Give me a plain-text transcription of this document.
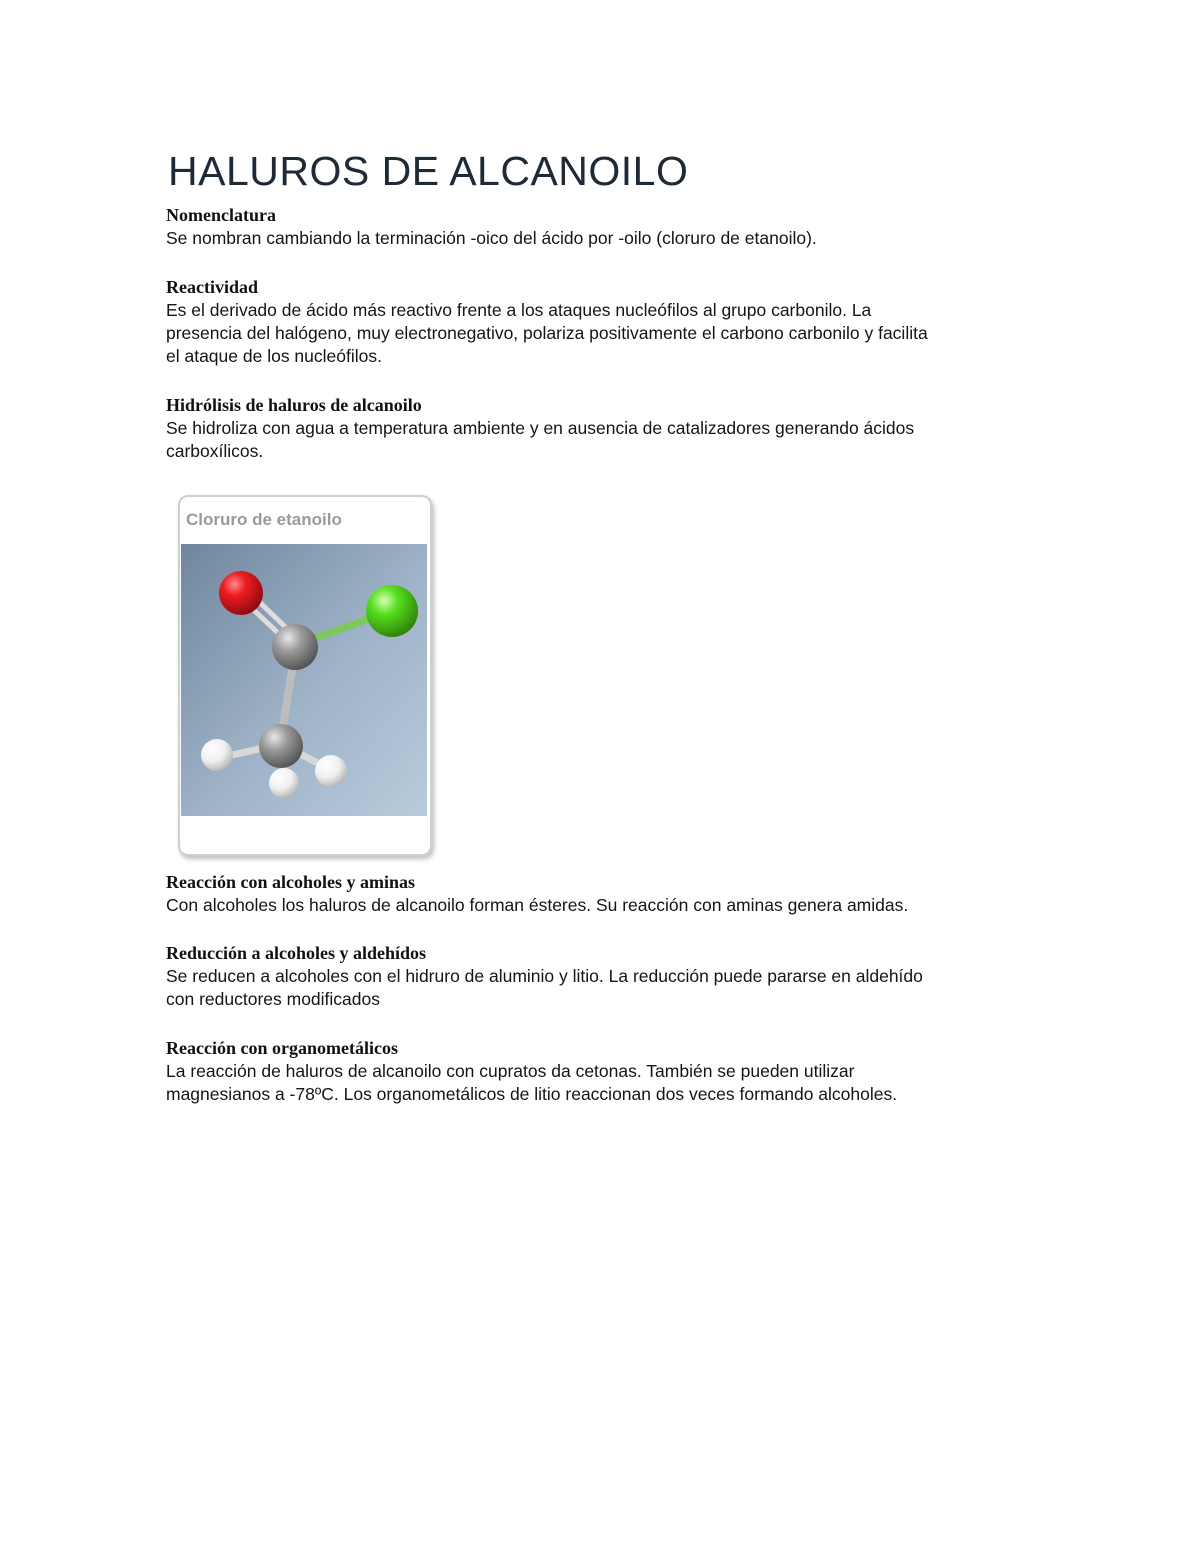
HALUROS DE ALCANOILO
Nomenclatura
Se nombran cambiando la terminación -oico del ácido por -oilo (cloruro de etanoilo).
Reactividad
Es el derivado de ácido más reactivo frente a los ataques nucleófilos al grupo carbonilo. La
presencia del halógeno, muy electronegativo, polariza positivamente el carbono carbonilo y facilita
el ataque de los nucleófilos.
Hidrólisis de haluros de alcanoilo
Se hidroliza con agua a temperatura ambiente y en ausencia de catalizadores generando ácidos
carboxílicos.
Cloruro de etanoilo
Reacción con alcoholes y aminas
Con alcoholes los haluros de alcanoilo forman ésteres. Su reacción con aminas genera amidas.
Reducción a alcoholes y aldehídos
Se reducen a alcoholes con el hidruro de aluminio y litio. La reducción puede pararse en aldehído
con reductores modificados
Reacción con organometálicos
La reacción de haluros de alcanoilo con cupratos da cetonas. También se pueden utilizar
magnesianos a -78ºC. Los organometálicos de litio reaccionan dos veces formando alcoholes.
